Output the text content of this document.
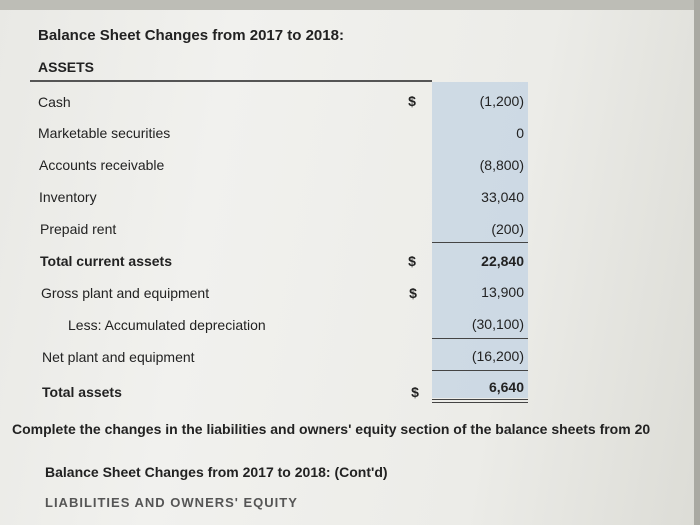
Balance Sheet Changes from 2017 to 2018:
ASSETS
Cash
Marketable securities
Accounts receivable
Inventory
Prepaid rent
Total current assets
Gross plant and equipment
Less: Accumulated depreciation
Net plant and equipment
Total assets
$
$
$
$
(1,200)
0
(8,800)
33,040
(200)
22,840
13,900
(30,100)
(16,200)
6,640
Complete the changes in the liabilities and owners' equity section of the balance sheets from 20
Balance Sheet Changes from 2017 to 2018: (Cont'd)
LIABILITIES AND OWNERS' EQUITY
